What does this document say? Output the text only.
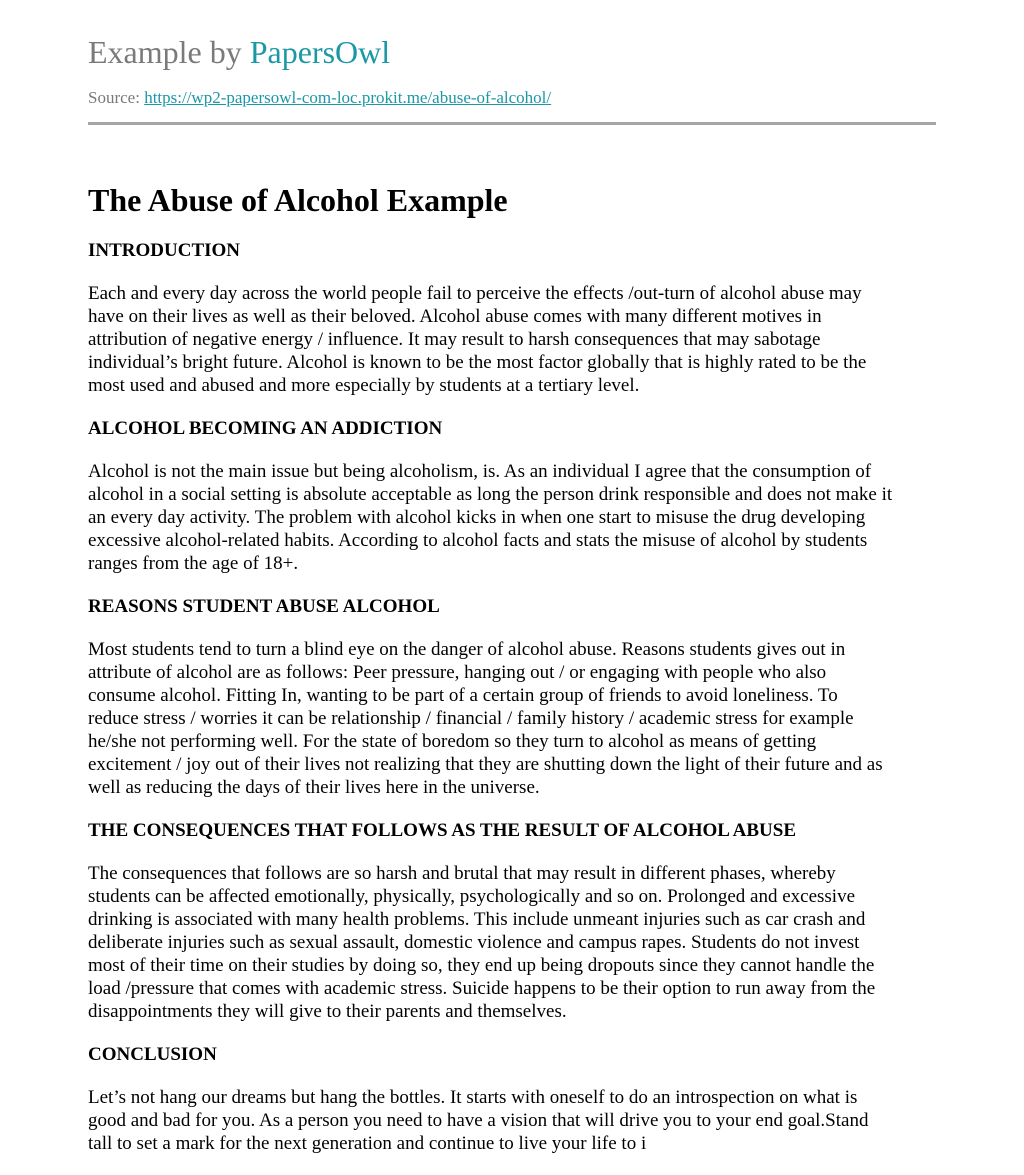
Example by PapersOwl
Source: https://wp2-papersowl-com-loc.prokit.me/abuse-of-alcohol/
The Abuse of Alcohol Example
INTRODUCTION

Each and every day across the world people fail to perceive the effects /out-turn of alcohol abuse may
have on their lives as well as their beloved. Alcohol abuse comes with many different motives in
attribution of negative energy / influence. It may result to harsh consequences that may sabotage
individual’s bright future. Alcohol is known to be the most factor globally that is highly rated to be the
most used and abused and more especially by students at a tertiary level.

ALCOHOL BECOMING AN ADDICTION

Alcohol is not the main issue but being alcoholism, is. As an individual I agree that the consumption of
alcohol in a social setting is absolute acceptable as long the person drink responsible and does not make it
an every day activity. The problem with alcohol kicks in when one start to misuse the drug developing
excessive alcohol-related habits. According to alcohol facts and stats the misuse of alcohol by students
ranges from the age of 18+.

REASONS STUDENT ABUSE ALCOHOL

Most students tend to turn a blind eye on the danger of alcohol abuse. Reasons students gives out in
attribute of alcohol are as follows: Peer pressure, hanging out / or engaging with people who also
consume alcohol. Fitting In, wanting to be part of a certain group of friends to avoid loneliness. To
reduce stress / worries it can be relationship / financial / family history / academic stress for example
he/she not performing well. For the state of boredom so they turn to alcohol as means of getting
excitement / joy out of their lives not realizing that they are shutting down the light of their future and as
well as reducing the days of their lives here in the universe.

THE CONSEQUENCES THAT FOLLOWS AS THE RESULT OF ALCOHOL ABUSE

The consequences that follows are so harsh and brutal that may result in different phases, whereby
students can be affected emotionally, physically, psychologically and so on. Prolonged and excessive
drinking is associated with many health problems. This include unmeant injuries such as car crash and
deliberate injuries such as sexual assault, domestic violence and campus rapes. Students do not invest
most of their time on their studies by doing so, they end up being dropouts since they cannot handle the
load /pressure that comes with academic stress. Suicide happens to be their option to run away from the
disappointments they will give to their parents and themselves.

CONCLUSION

Let’s not hang our dreams but hang the bottles. It starts with oneself to do an introspection on what is
good and bad for you. As a person you need to have a vision that will drive you to your end goal.Stand
tall to set a mark for the next generation and continue to live your life to i
